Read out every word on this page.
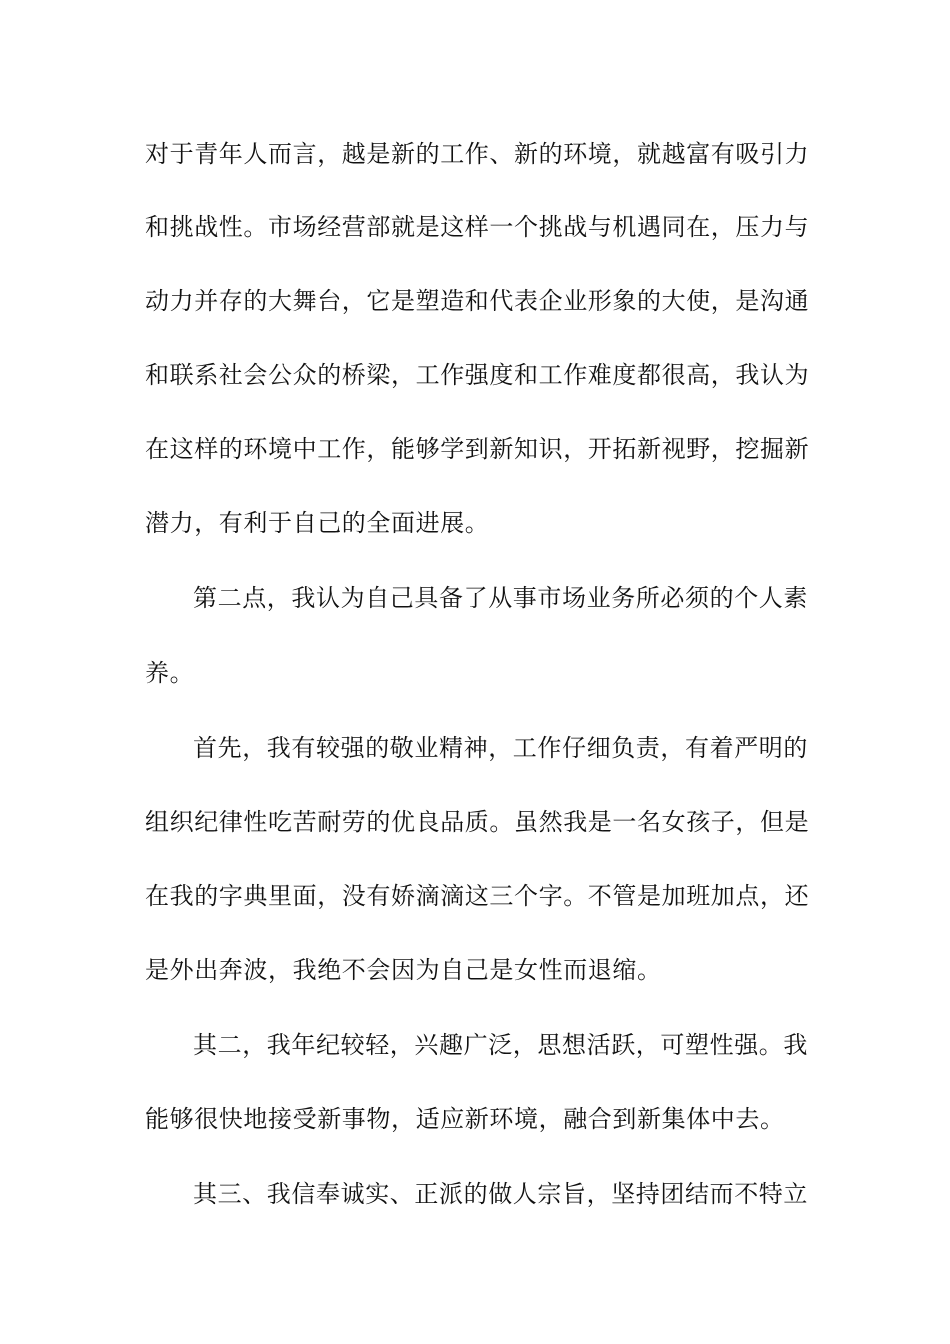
对于青年人而言，越是新的工作、新的环境，就越富有吸引力
和挑战性。市场经营部就是这样一个挑战与机遇同在，压力与
动力并存的大舞台，它是塑造和代表企业形象的大使，是沟通
和联系社会公众的桥梁，工作强度和工作难度都很高，我认为
在这样的环境中工作，能够学到新知识，开拓新视野，挖掘新
潜力，有利于自己的全面进展。
第二点，我认为自己具备了从事市场业务所必须的个人素
养。
首先，我有较强的敬业精神，工作仔细负责，有着严明的
组织纪律性吃苦耐劳的优良品质。虽然我是一名女孩子，但是
在我的字典里面，没有娇滴滴这三个字。不管是加班加点，还
是外出奔波，我绝不会因为自己是女性而退缩。
其二，我年纪较轻，兴趣广泛，思想活跃，可塑性强。我
能够很快地接受新事物，适应新环境，融合到新集体中去。
其三、我信奉诚实、正派的做人宗旨，坚持团结而不特立
